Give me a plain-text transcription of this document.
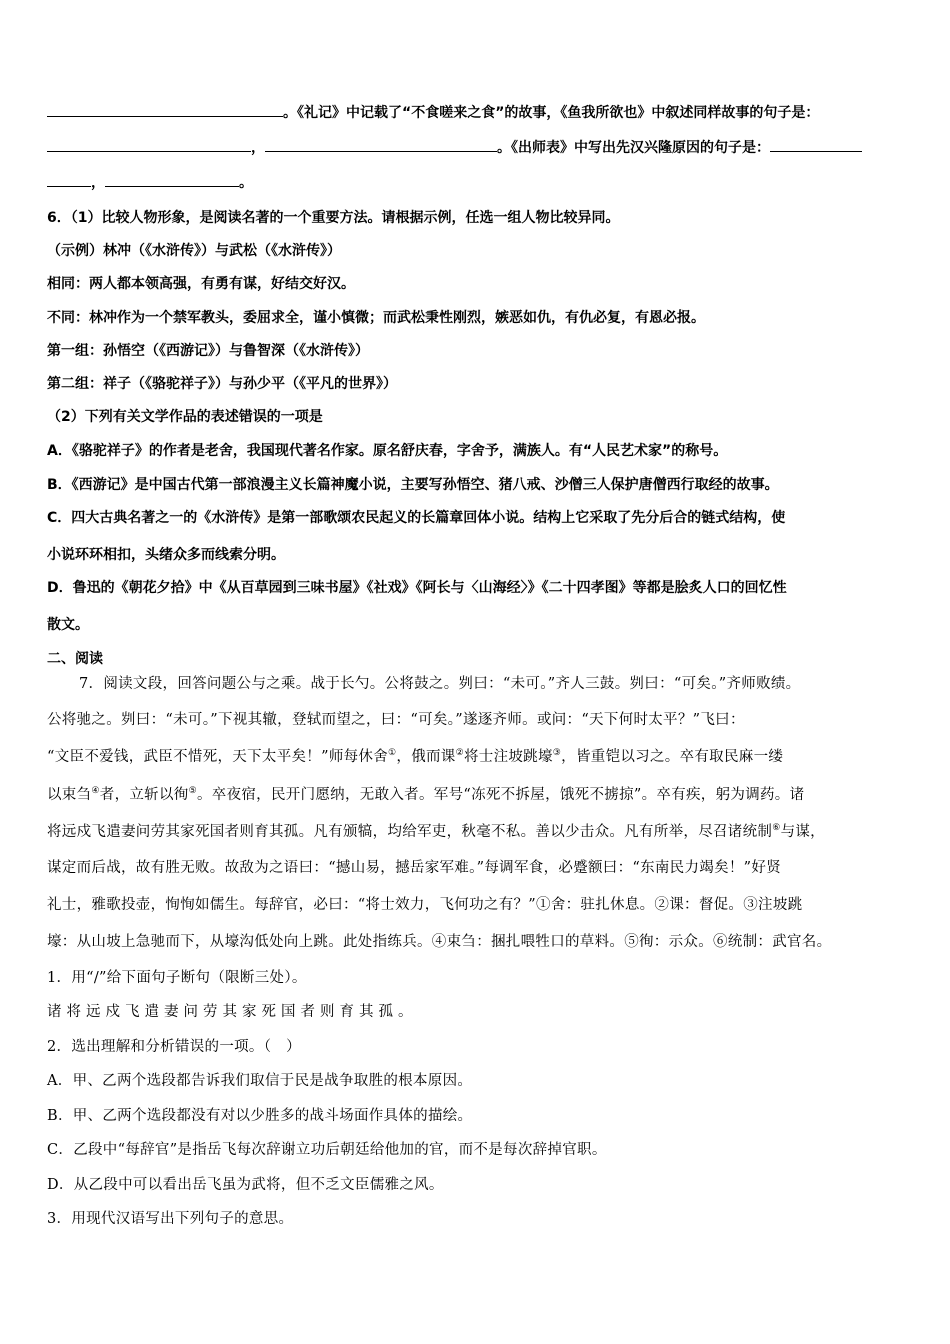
。《礼记》中记载了“不食嗟来之食”的故事，《鱼我所欲也》中叙述同样故事的句子是：
，	。《出师表》中写出先汉兴隆原因的句子是：
，	。
6．（1）比较人物形象，是阅读名著的一个重要方法。请根据示例，任选一组人物比较异同。
（示例）林冲（《水浒传》）与武松（《水浒传》）
相同：两人都本领高强，有勇有谋，好结交好汉。
不同：林冲作为一个禁军教头，委屈求全，谨小慎微；而武松秉性刚烈，嫉恶如仇，有仇必复，有恩必报。
第一组：孙悟空（《西游记》）与鲁智深（《水浒传》）
第二组：祥子（《骆驼祥子》）与孙少平（《平凡的世界》）
（2）下列有关文学作品的表述错误的一项是
A．《骆驼祥子》的作者是老舍，我国现代著名作家。原名舒庆春，字舍予，满族人。有“人民艺术家”的称号。
B．《西游记》是中国古代第一部浪漫主义长篇神魔小说，主要写孙悟空、猪八戒、沙僧三人保护唐僧西行取经的故事。
C．四大古典名著之一的《水浒传》是第一部歌颂农民起义的长篇章回体小说。结构上它采取了先分后合的链式结构，使
小说环环相扣，头绪众多而线索分明。
D．鲁迅的《朝花夕拾》中《从百草园到三味书屋》《社戏》《阿长与〈山海经〉》《二十四孝图》等都是脍炙人口的回忆性
散文。
二、阅读
7．阅读文段，回答问题公与之乘。战于长勺。公将鼓之。刿曰：“未可。”齐人三鼓。刿曰：“可矣。”齐师败绩。
公将驰之。刿曰：“未可。”下视其辙，登轼而望之，曰：“可矣。”遂逐齐师。或问：“天下何时太平？”飞曰：
“文臣不爱钱，武臣不惜死，天下太平矣！”师每休舍①，俄而课②将士注坡跳壕③，皆重铠以习之。卒有取民麻一缕
以束刍④者，立斩以徇⑤。卒夜宿，民开门愿纳，无敢入者。军号“冻死不拆屋，饿死不掳掠”。卒有疾，躬为调药。诸
将远戍飞遣妻问劳其家死国者则育其孤。凡有颁犒，均给军吏，秋毫不私。善以少击众。凡有所举，尽召诸统制⑥与谋，
谋定而后战，故有胜无败。故敌为之语曰：“撼山易，撼岳家军难。”每调军食，必蹙额曰：“东南民力竭矣！”好贤
礼士，雅歌投壶，恂恂如儒生。每辞官，必曰：“将士效力，飞何功之有？”①舍：驻扎休息。②课：督促。③注坡跳
壕：从山坡上急驰而下，从壕沟低处向上跳。此处指练兵。④束刍：捆扎喂牲口的草料。⑤徇：示众。⑥统制：武官名。
1．用“/”给下面句子断句（限断三处）。
诸将远戍飞遣妻问劳其家死国者则育其孤。
2．选出理解和分析错误的一项。（　）
A．甲、乙两个选段都告诉我们取信于民是战争取胜的根本原因。
B．甲、乙两个选段都没有对以少胜多的战斗场面作具体的描绘。
C．乙段中“每辞官”是指岳飞每次辞谢立功后朝廷给他加的官，而不是每次辞掉官职。
D．从乙段中可以看出岳飞虽为武将，但不乏文臣儒雅之风。
3．用现代汉语写出下列句子的意思。
